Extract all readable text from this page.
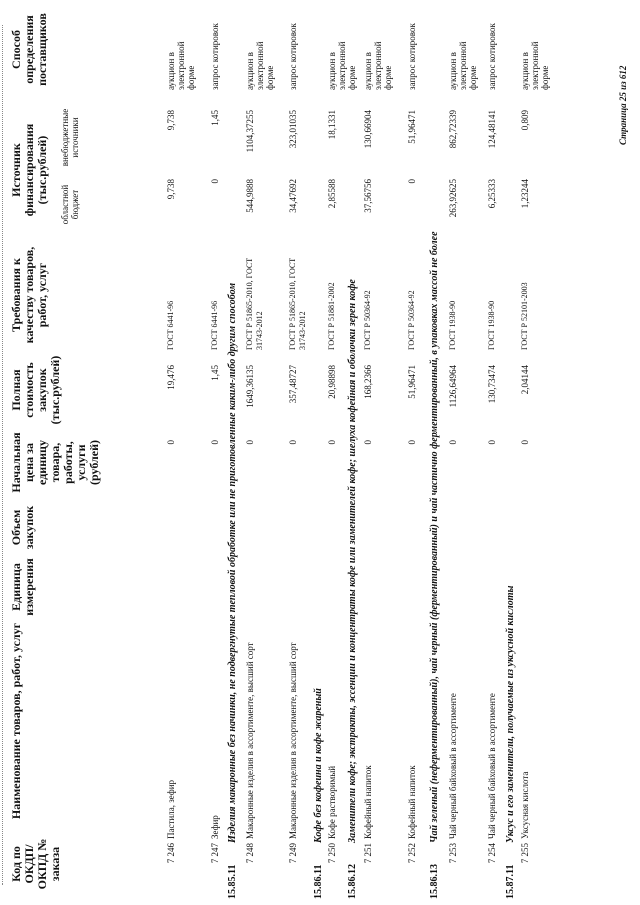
Код по ОКДП/ ОКПД № заказа
Наименование товаров, работ, услуг
Единица измерения
Объем закупок
Начальная цена за единицу товара, работы, услуги (рублей)
Полная стоимость закупок (тыс.рублей)
Требования к качеству товаров, работ, услуг
Источник финансирования (тыс.рублей)
областной бюджет
внебюджетные источники
Способ определения поставщиков
7 246
Пастила, зефир
0
19,476
ГОСТ 6441-96
9,738
9,738
аукцион в электронной форме
7 247
Зефир
0
1,45
ГОСТ 6441-96
0
1,45
запрос котировок
15.85.11Изделия макаронные без начинки, не подвергнутые тепловой обработке или не приготовленные каким-либо другим способом
7 248
Макаронные изделия в ассортименте, высший сорт
0
1649,36135
ГОСТ Р 51865-2010, ГОСТ 31743-2012
544,9888
1104,37255
аукцион в электронной форме
7 249
Макаронные изделия в ассортименте, высший сорт
0
357,48727
ГОСТ Р 51865-2010, ГОСТ 31743-2012
34,47692
323,01035
запрос котировок
15.86.11Кофе без кофеина и кофе жареный
7 250
Кофе растворимый
0
20,98898
ГОСТ Р 51881-2002
2,85588
18,1331
аукцион в электронной форме
15.86.12Заменители кофе; экстракты, эссенции и концентраты кофе или заменителей кофе; шелуха кофейная и оболочки зерен кофе
7 251
Кофейный напиток
0
168,2366
ГОСТ Р 50364-92
37,56756
130,66904
аукцион в электронной форме
7 252
Кофейный напиток
0
51,96471
ГОСТ Р 50364-92
0
51,96471
запрос котировок
15.86.13Чай зеленый (неферментированный), чай черный (ферментированный) и чай частично ферментированный, в упаковках массой не более
7 253
Чай черный байховый в ассортименте
0
1126,64964
ГОСТ 1938-90
263,92625
862,72339
аукцион в электронной форме
7 254
Чай черный байховый в ассортименте
0
130,73474
ГОСТ 1938-90
6,25333
124,48141
запрос котировок
15.87.11Уксус и его заменители, получаемые из уксусной кислоты
7 255
Уксусная кислота
0
2,04144
ГОСТ Р 52101-2003
1,23244
0,809
аукцион в электронной форме	Страница 25 из 612
